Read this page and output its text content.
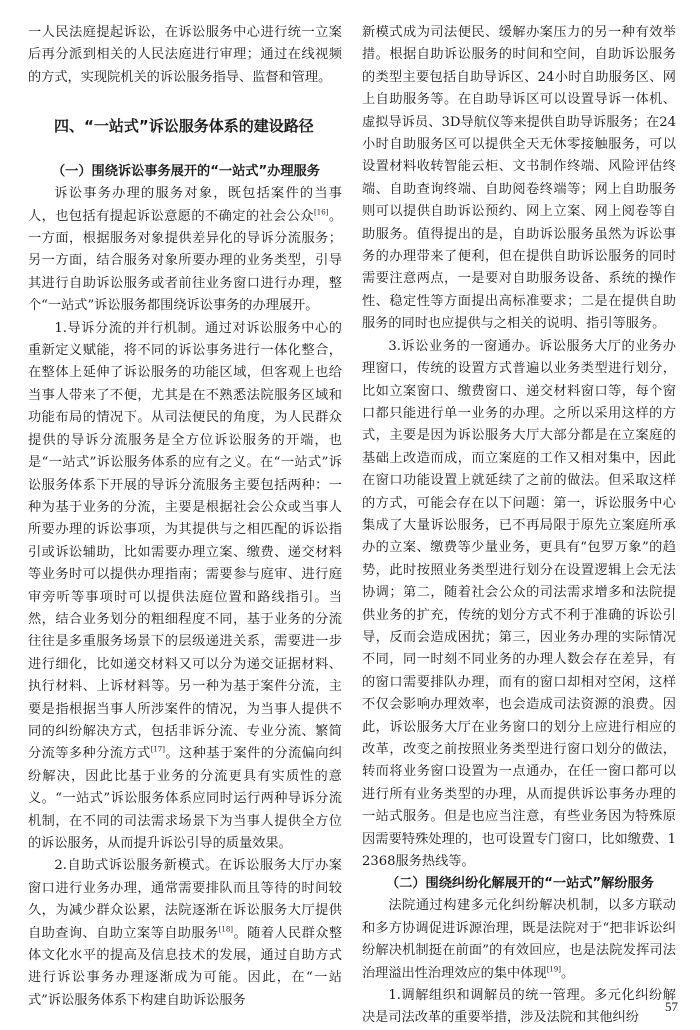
一人民法庭提起诉讼，在诉讼服务中心进行统一立案后再分派到相关的人民法庭进行审理；通过在线视频的方式，实现院机关的诉讼服务指导、监督和管理。

四、“一站式”诉讼服务体系的建设路径
（一）围绕诉讼事务展开的“一站式”办理服务

诉讼事务办理的服务对象，既包括案件的当事人，也包括有提起诉讼意愿的不确定的社会公众[16]。一方面，根据服务对象提供差异化的导诉分流服务；另一方面，结合服务对象所要办理的业务类型，引导其进行自助诉讼服务或者前往业务窗口进行办理，整个“一站式”诉讼服务都围绕诉讼事务的办理展开。

1.导诉分流的并行机制。通过对诉讼服务中心的重新定义赋能，将不同的诉讼事务进行一体化整合，在整体上延伸了诉讼服务的功能区域，但客观上也给当事人带来了不便，尤其是在不熟悉法院服务区域和功能布局的情况下。从司法便民的角度，为人民群众提供的导诉分流服务是全方位诉讼服务的开端，也是“一站式”诉讼服务体系的应有之义。在“一站式”诉讼服务体系下开展的导诉分流服务主要包括两种：一种为基于业务的分流，主要是根据社会公众或当事人所要办理的诉讼事项，为其提供与之相匹配的诉讼指引或诉讼辅助，比如需要办理立案、缴费、递交材料等业务时可以提供办理指南；需要参与庭审、进行庭审旁听等事项时可以提供法庭位置和路线指引。当然，结合业务划分的粗细程度不同，基于业务的分流往往是多重服务场景下的层级递进关系，需要进一步进行细化，比如递交材料又可以分为递交证据材料、执行材料、上诉材料等。另一种为基于案件分流，主要是指根据当事人所涉案件的情况，为当事人提供不同的纠纷解决方式，包括非诉分流、专业分流、繁简分流等多种分流方式[17]。这种基于案件的分流偏向纠纷解决，因此比基于业务的分流更具有实质性的意义。“一站式”诉讼服务体系应同时运行两种导诉分流机制，在不同的司法需求场景下为当事人提供全方位的诉讼服务，从而提升诉讼引导的质量效果。

2.自助式诉讼服务新模式。在诉讼服务大厅办案窗口进行业务办理，通常需要排队而且等待的时间较久，为减少群众讼累，法院逐渐在诉讼服务大厅提供自助查询、自助立案等自助服务[18]。随着人民群众整体文化水平的提高及信息技术的发展，通过自助方式进行诉讼事务办理逐渐成为可能。因此，在“一站式”诉讼服务体系下构建自助诉讼服务

新模式成为司法便民、缓解办案压力的另一种有效举措。根据自助诉讼服务的时间和空间，自助诉讼服务的类型主要包括自助导诉区、24小时自助服务区、网上自助服务等。在自助导诉区可以设置导诉一体机、虚拟导诉员、3D导航仪等来提供自助导诉服务；在24小时自助服务区可以提供全天无休零接触服务，可以设置材料收转智能云柜、文书制作终端、风险评估终端、自助查询终端、自助阅卷终端等；网上自助服务则可以提供自助诉讼预约、网上立案、网上阅卷等自助服务。值得提出的是，自助诉讼服务虽然为诉讼事务的办理带来了便利，但在提供自助诉讼服务的同时需要注意两点，一是要对自助服务设备、系统的操作性、稳定性等方面提出高标准要求；二是在提供自助服务的同时也应提供与之相关的说明、指引等服务。

3.诉讼业务的一窗通办。诉讼服务大厅的业务办理窗口，传统的设置方式普遍以业务类型进行划分，比如立案窗口、缴费窗口、递交材料窗口等，每个窗口都只能进行单一业务的办理。之所以采用这样的方式，主要是因为诉讼服务大厅大部分都是在立案庭的基础上改造而成，而立案庭的工作又相对集中，因此在窗口功能设置上就延续了之前的做法。但采取这样的方式，可能会存在以下问题：第一，诉讼服务中心集成了大量诉讼服务，已不再局限于原先立案庭所承办的立案、缴费等少量业务，更具有“包罗万象”的趋势，此时按照业务类型进行划分在设置逻辑上会无法协调；第二，随着社会公众的司法需求增多和法院提供业务的扩充，传统的划分方式不利于准确的诉讼引导，反而会造成困扰；第三，因业务办理的实际情况不同，同一时刻不同业务的办理人数会存在差异，有的窗口需要排队办理，而有的窗口却相对空闲，这样不仅会影响办理效率，也会造成司法资源的浪费。因此，诉讼服务大厅在业务窗口的划分上应进行相应的改革，改变之前按照业务类型进行窗口划分的做法，转而将业务窗口设置为一点通办，在任一窗口都可以进行所有业务类型的办理，从而提供诉讼事务办理的一站式服务。但是也应当注意，有些业务因为特殊原因需要特殊处理的，也可设置专门窗口，比如缴费、12368服务热线等。

（二）围绕纠纷化解展开的“一站式”解纷服务

法院通过构建多元化纠纷解决机制，以多方联动和多方协调促进诉源治理，既是法院对于“把非诉讼纠纷解决机制挺在前面”的有效回应，也是法院发挥司法治理溢出性治理效应的集中体现[19]。

1.调解组织和调解员的统一管理。多元化纠纷解决是司法改革的重要举措，涉及法院和其他纠纷

57
